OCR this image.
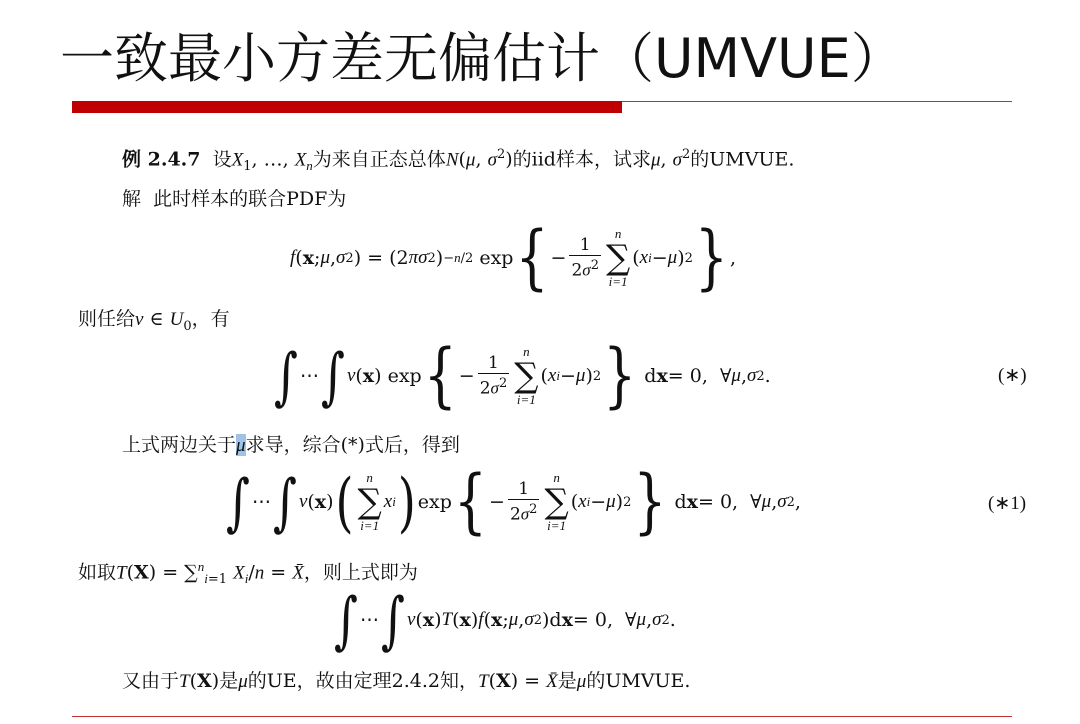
一致最小方差无偏估计（UMVUE）
例 2.4.7 设$X_1$, …, $X_n$为来自正态总体N(μ, $\sigma^2$)的iid样本，试求μ, $\sigma^2$的UMVUE.
解 此时样本的联合PDF为
f ( x ; μ , σ 2 ) = (2 π σ 2 ) −n/2 exp { − $\frac{1}{2\sigma^2}$
n
∑
i=1
( x i − μ ) 2 } ,
则任给ν ∈ $U_0$，有
∫ ⋯ ∫ ν ( x ) exp { − $\frac{1}{2\sigma^2}$
n
∑
i=1
( x i − μ ) 2 } d x = 0,  ∀ μ , σ 2 .	(∗)
上式两边关于μ求导，综合(*)式后，得到
∫ ⋯ ∫ ν ( x ) ( n
∑
i=1
x i ) exp { − $\frac{1}{2\sigma^2}$
n
∑
i=1
( x i − μ ) 2 } d x = 0,  ∀ μ , σ 2 ,	(∗1)
如取T(X) = ∑$^n_{i=1}$ $X_i/n$ = X̄，则上式即为
∫ ⋯ ∫ ν ( x ) T ( x ) f ( x ; μ , σ 2 )d x = 0,  ∀ μ , σ 2 .
又由于T(X)是μ的UE，故由定理2.4.2知，T(X) = X̄是μ的UMVUE.
